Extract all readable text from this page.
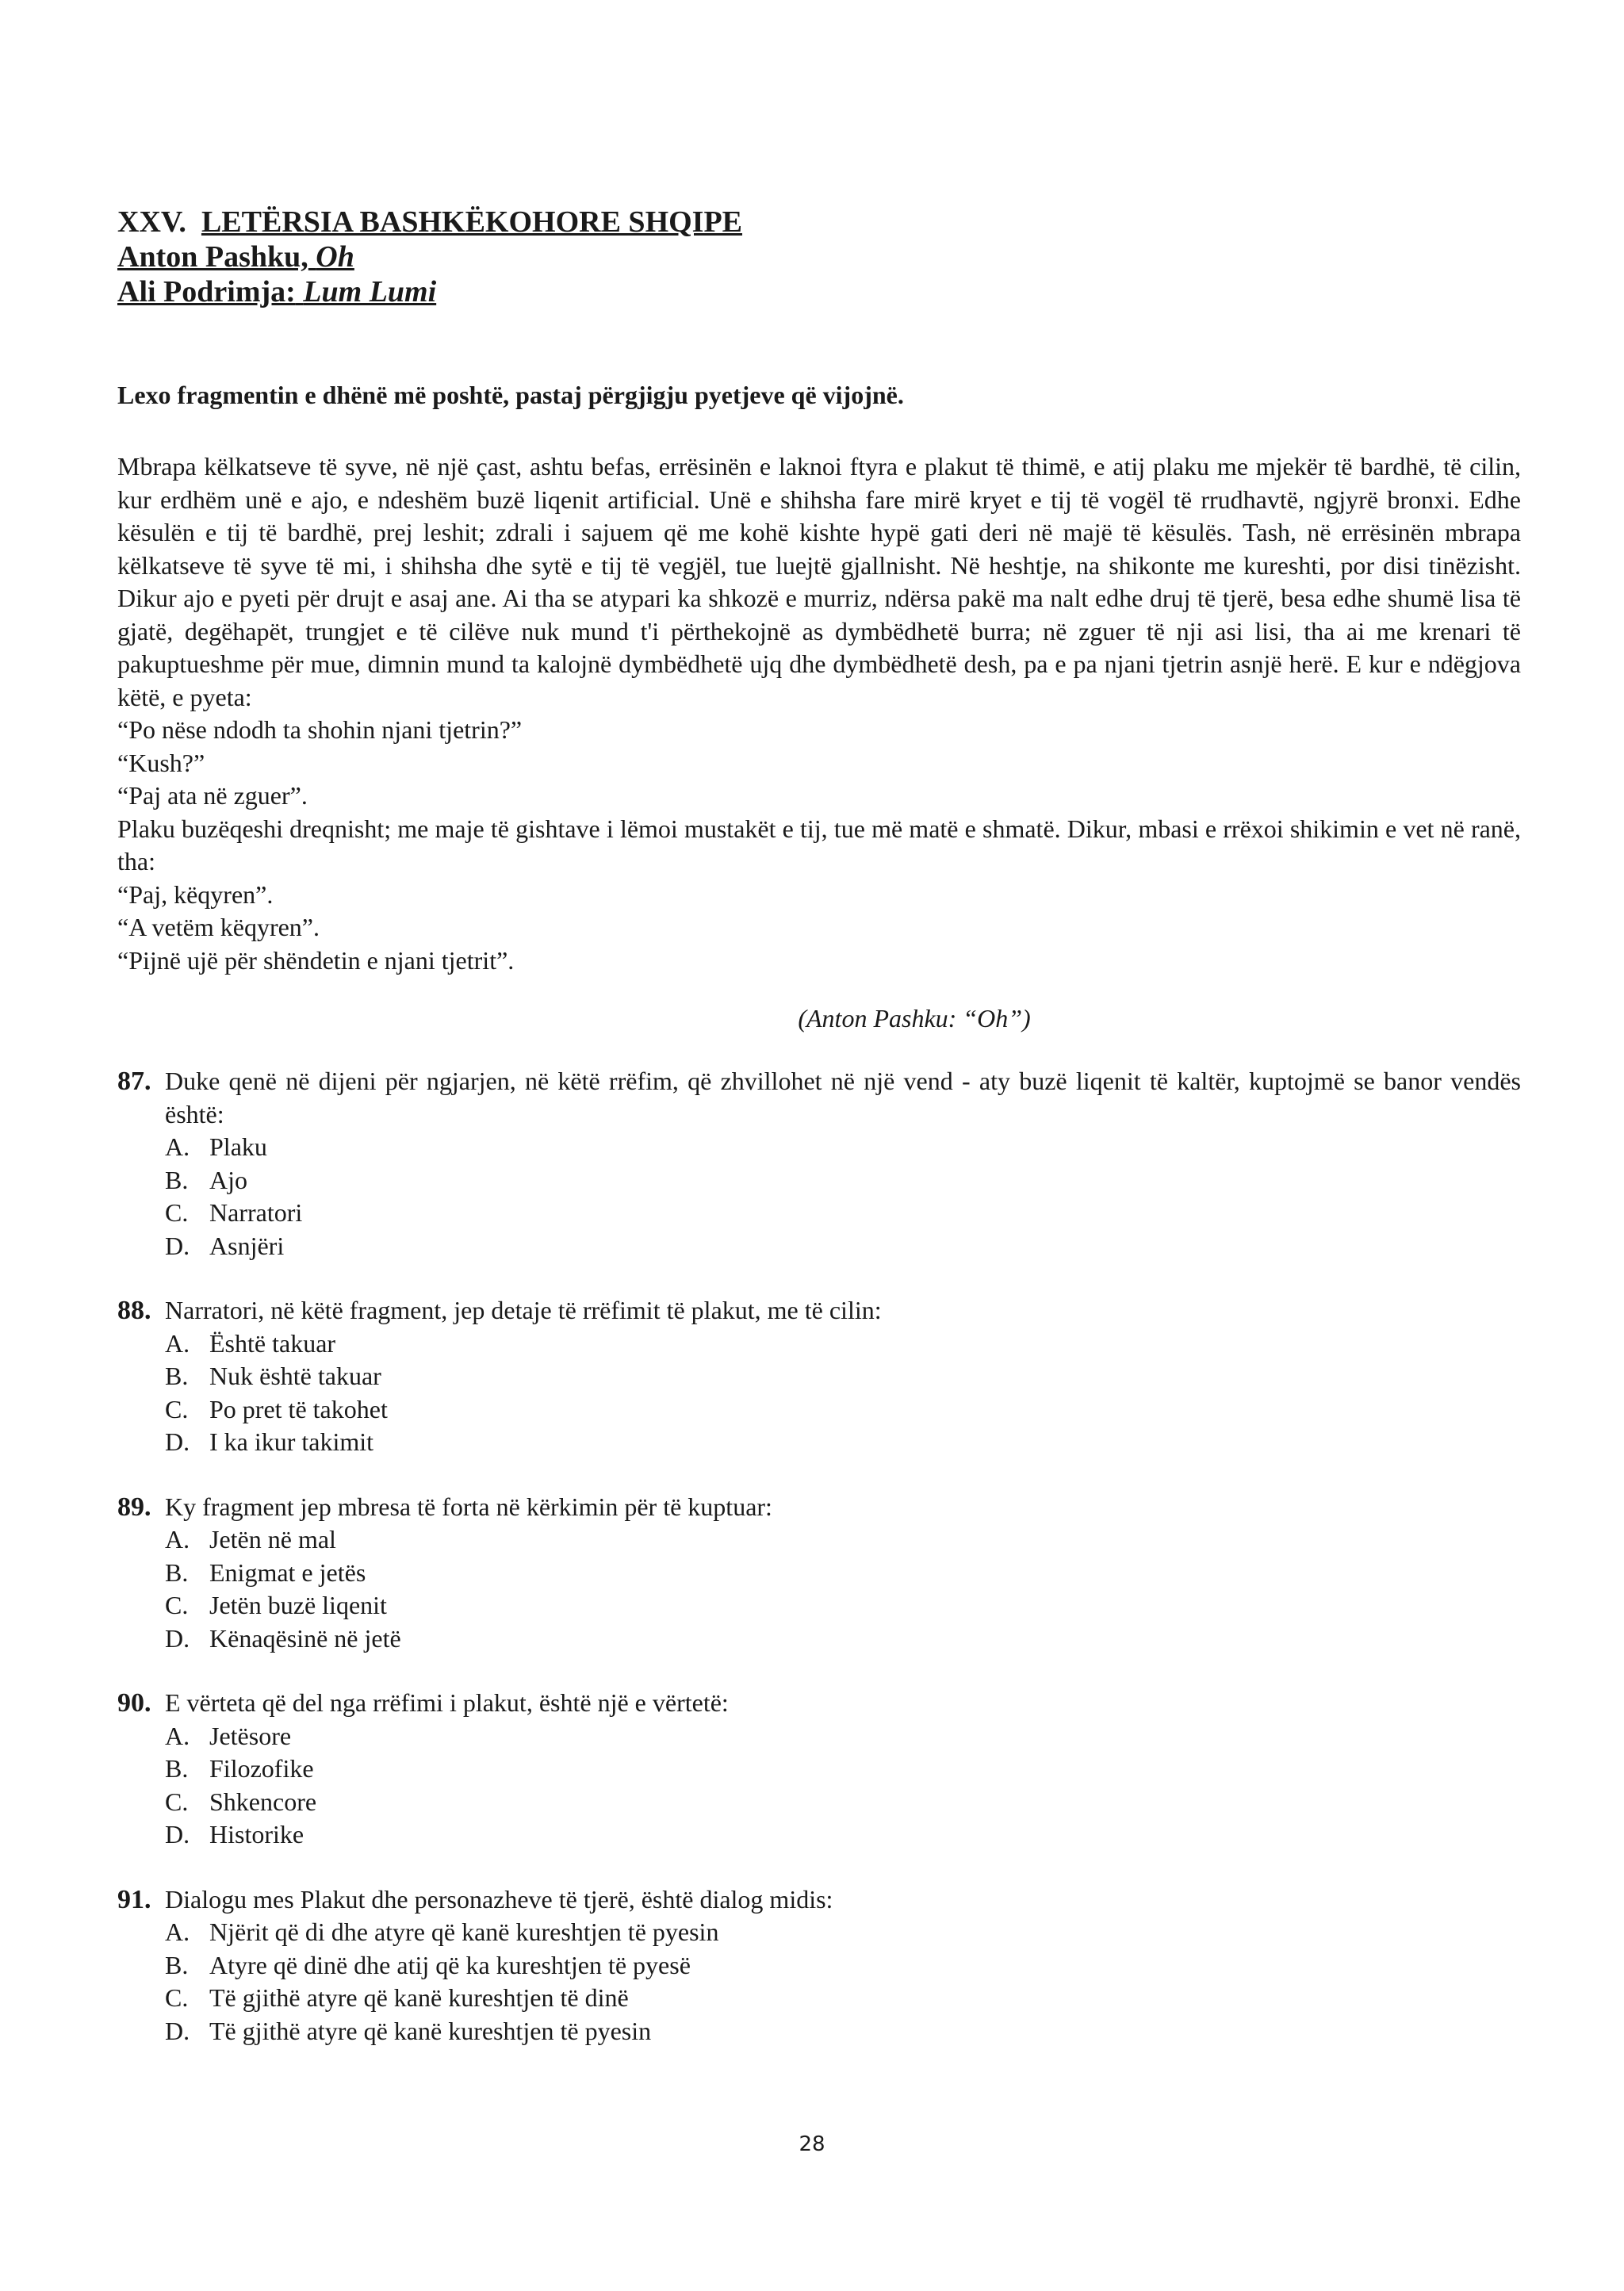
XXV. LETËRSIA BASHKËKOHORE SHQIPE
Anton Pashku, Oh
Ali Podrimja: Lum Lumi
Lexo fragmentin e dhënë më poshtë, pastaj përgjigju pyetjeve që vijojnë.

Mbrapa këlkatseve të syve, në një çast, ashtu befas, errësinën e laknoi ftyra e plakut të thimë, e atij plaku me mjekër të bardhë, të cilin, kur erdhëm unë e ajo, e ndeshëm buzë liqenit artificial. Unë e shihsha fare mirë kryet e tij të vogël të rrudhavtë, ngjyrë bronxi. Edhe kësulën e tij të bardhë, prej leshit; zdrali i sajuem që me kohë kishte hypë gati deri në majë të kësulës. Tash, në errësinën mbrapa këlkatseve të syve të mi, i shihsha dhe sytë e tij të vegjël, tue luejtë gjallnisht. Në heshtje, na shikonte me kureshti, por disi tinëzisht. Dikur ajo e pyeti për drujt e asaj ane. Ai tha se atypari ka shkozë e murriz, ndërsa pakë ma nalt edhe druj të tjerë, besa edhe shumë lisa të gjatë, degëhapët, trungjet e të cilëve nuk mund t'i përthekojnë as dymbëdhetë burra; në zguer të nji asi lisi, tha ai me krenari të pakuptueshme për mue, dimnin mund ta kalojnë dymbëdhetë ujq dhe dymbëdhetë desh, pa e pa njani tjetrin asnjë herë. E kur e ndëgjova këtë, e pyeta:

“Po nëse ndodh ta shohin njani tjetrin?”

“Kush?”

“Paj ata në zguer”.

Plaku buzëqeshi dreqnisht; me maje të gishtave i lëmoi mustakët e tij, tue më matë e shmatë. Dikur, mbasi e rrëxoi shikimin e vet në ranë, tha:

“Paj, këqyren”.

“A vetëm këqyren”.

“Pijnë ujë për shëndetin e njani tjetrit”.

(Anton Pashku: “Oh”)
87. Duke qenë në dijeni për ngjarjen, në këtë rrëfim, që zhvillohet në një vend - aty buzë liqenit të kaltër, kuptojmë se banor vendës është:
A. Plaku
B. Ajo
C. Narratori
D. Asnjëri
88. Narratori, në këtë fragment, jep detaje të rrëfimit të plakut, me të cilin:
A. Është takuar
B. Nuk është takuar
C. Po pret të takohet
D. I ka ikur takimit
89. Ky fragment jep mbresa të forta në kërkimin për të kuptuar:
A. Jetën në mal
B. Enigmat e jetës
C. Jetën buzë liqenit
D. Kënaqësinë në jetë
90. E vërteta që del nga rrëfimi i plakut, është një e vërtetë:
A. Jetësore
B. Filozofike
C. Shkencore
D. Historike
91. Dialogu mes Plakut dhe personazheve të tjerë, është dialog midis:
A. Njërit që di dhe atyre që kanë kureshtjen të pyesin
B. Atyre që dinë dhe atij që ka kureshtjen të pyesë
C. Të gjithë atyre që kanë kureshtjen të dinë
D. Të gjithë atyre që kanë kureshtjen të pyesin
28
